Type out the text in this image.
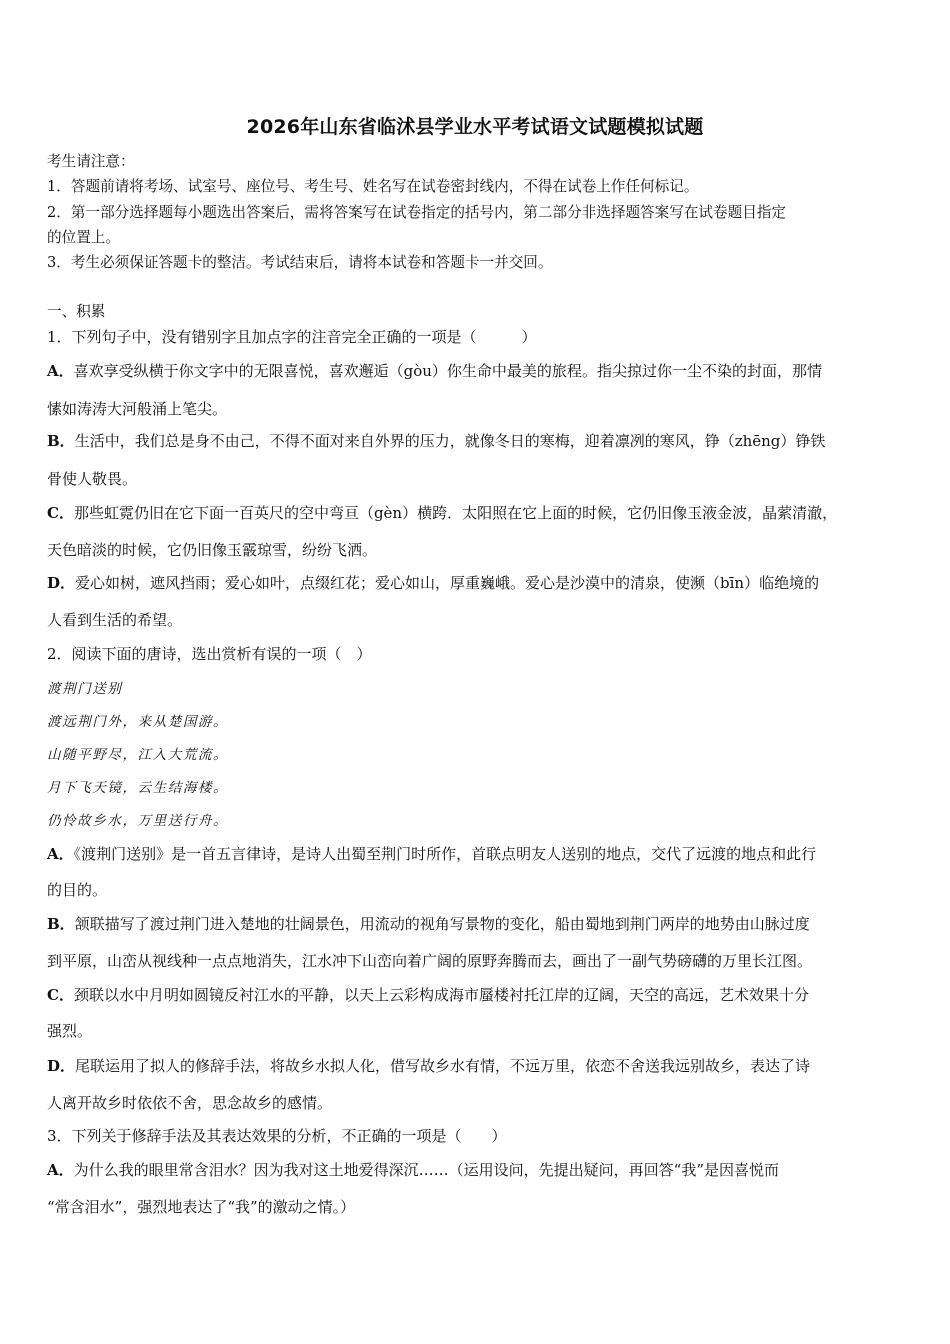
2026年山东省临沭县学业水平考试语文试题模拟试题
考生请注意：
1．答题前请将考场、试室号、座位号、考生号、姓名写在试卷密封线内，不得在试卷上作任何标记。
2．第一部分选择题每小题选出答案后，需将答案写在试卷指定的括号内，第二部分非选择题答案写在试卷题目指定
的位置上。
3．考生必须保证答题卡的整洁。考试结束后，请将本试卷和答题卡一并交回。
一、积累
1．下列句子中，没有错别字且加点字的注音完全正确的一项是（　　　）
A．喜欢享受纵横于你文字中的无限喜悦，喜欢邂逅（gòu）你生命中最美的旅程。指尖掠过你一尘不染的封面，那情
愫如涛涛大河般涌上笔尖。
B．生活中，我们总是身不由己，不得不面对来自外界的压力，就像冬日的寒梅，迎着凛冽的寒风，铮（zhēng）铮铁
骨使人敬畏。
C．那些虹霓仍旧在它下面一百英尺的空中弯亘（gèn）横跨．太阳照在它上面的时候，它仍旧像玉液金波，晶萦清澈，
天色暗淡的时候，它仍旧像玉霰琼雪，纷纷飞洒。
D．爱心如树，遮风挡雨；爱心如叶，点缀红花；爱心如山，厚重巍峨。爱心是沙漠中的清泉，使濒（bīn）临绝境的
人看到生活的希望。
2．阅读下面的唐诗，选出赏析有误的一项（　）
渡荆门送别
渡远荆门外，来从楚国游。
山随平野尽，江入大荒流。
月下飞天镜，云生结海楼。
仍怜故乡水，万里送行舟。
A．《渡荆门送别》是一首五言律诗，是诗人出蜀至荆门时所作，首联点明友人送别的地点，交代了远渡的地点和此行
的目的。
B．颔联描写了渡过荆门进入楚地的壮阔景色，用流动的视角写景物的变化，船由蜀地到荆门两岸的地势由山脉过度
到平原，山峦从视线种一点点地消失，江水冲下山峦向着广阔的原野奔腾而去，画出了一副气势磅礴的万里长江图。
C．颈联以水中月明如圆镜反衬江水的平静，以天上云彩构成海市蜃楼衬托江岸的辽阔，天空的高远，艺术效果十分
强烈。
D．尾联运用了拟人的修辞手法，将故乡水拟人化，借写故乡水有情，不远万里，依恋不舍送我远别故乡，表达了诗
人离开故乡时依依不舍，思念故乡的感情。
3．下列关于修辞手法及其表达效果的分析，不正确的一项是（　　）
A．为什么我的眼里常含泪水？因为我对这土地爱得深沉……（运用设问，先提出疑问，再回答“我”是因喜悦而
“常含泪水”，强烈地表达了“我”的激动之情。）
